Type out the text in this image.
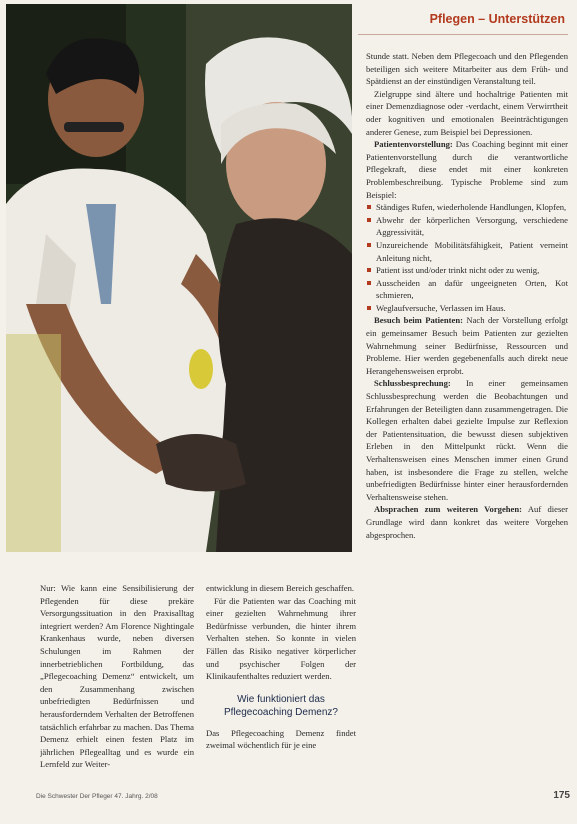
Pflegen – Unterstützen

Nur: Wie kann eine Sensibilisierung der Pflegenden für diese prekäre Versorgungssituation in den Praxisalltag integriert werden? Am Florence Nightingale Krankenhaus wurde, neben diversen Schulungen im Rahmen der innerbetrieblichen Fortbildung, das „Pflegecoaching Demenz“ entwickelt, um den Zusammenhang zwischen unbefriedigten Bedürfnissen und herausforderndem Verhalten der Betroffenen tatsächlich erfahrbar zu machen. Das Thema Demenz erhielt einen festen Platz im jährlichen Pflegealltag und es wurde ein Lernfeld zur Weiter-

entwicklung in diesem Bereich geschaffen.

Für die Patienten war das Coaching mit einer gezielten Wahrnehmung ihrer Bedürfnisse verbunden, die hinter ihrem Verhalten stehen. So konnte in vielen Fällen das Risiko negativer körperlicher und psychischer Folgen der Klinikaufenthaltes reduziert werden.

Wie funktioniert das Pflegecoaching Demenz?

Das Pflegecoaching Demenz findet zweimal wöchentlich für je eine

Stunde statt. Neben dem Pflegecoach und den Pflegenden beteiligen sich weitere Mitarbeiter aus dem Früh- und Spätdienst an der einstündigen Veranstaltung teil.

Zielgruppe sind ältere und hochaltrige Patienten mit einer Demenzdiagnose oder -verdacht, einem Verwirrtheit oder kognitiven und emotionalen Beeinträchtigungen anderer Genese, zum Beispiel bei Depressionen.

Patientenvorstellung: Das Coaching beginnt mit einer Patientenvorstellung durch die verantwortliche Pflegekraft, diese endet mit einer konkreten Problembeschreibung. Typische Probleme sind zum Beispiel:

Ständiges Rufen, wiederholende Handlungen, Klopfen,
Abwehr der körperlichen Versorgung, verschiedene Aggressivität,
Unzureichende Mobilitätsfähigkeit, Patient verneint Anleitung nicht,
Patient isst und/oder trinkt nicht oder zu wenig,
Ausscheiden an dafür ungeeigneten Orten, Kot schmieren,
Weglaufversuche, Verlassen im Haus.

Besuch beim Patienten: Nach der Vorstellung erfolgt ein gemeinsamer Besuch beim Patienten zur gezielten Wahrnehmung seiner Bedürfnisse, Ressourcen und Probleme. Hier werden gegebenenfalls auch direkt neue Herangehensweisen erprobt.

Schlussbesprechung: In einer gemeinsamen Schlussbesprechung werden die Beobachtungen und Erfahrungen der Beteiligten dann zusammengetragen. Die Kollegen erhalten dabei gezielte Impulse zur Reflexion der Patientensituation, die bewusst diesen subjektiven Erleben in den Mittelpunkt rückt. Wenn die Verhaltensweisen eines Menschen immer einen Grund haben, ist insbesondere die Frage zu stellen, welche unbefriedigten Bedürfnisse hinter einer herausfordernden Verhaltensweise stehen.

Absprachen zum weiteren Vorgehen: Auf dieser Grundlage wird dann konkret das weitere Vorgehen abgesprochen.

Die Schwester Der Pfleger 47. Jahrg. 2/08	175
